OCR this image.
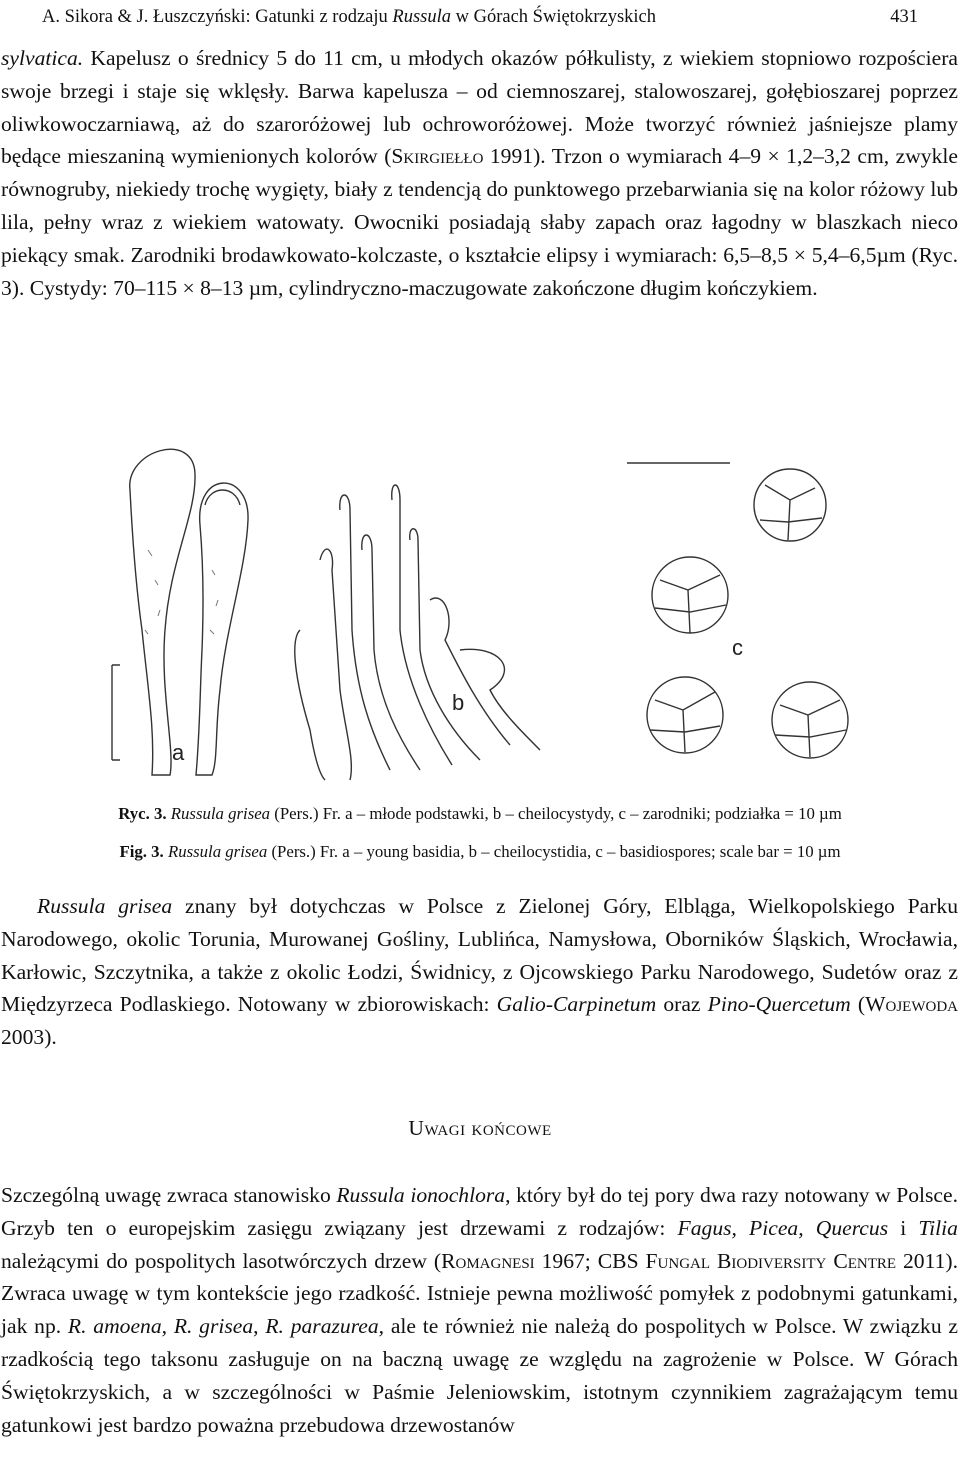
A. Sikora & J. Łuszczyński: Gatunki z rodzaju Russula w Górach Świętokrzyskich	431

sylvatica. Kapelusz o średnicy 5 do 11 cm, u młodych okazów półkulisty, z wiekiem stopniowo rozpościera swoje brzegi i staje się wklęsły. Barwa kapelusza – od ciemnoszarej, stalowoszarej, gołębioszarej poprzez oliwkowoczarniawą, aż do szaroróżowej lub ochroworóżowej. Może tworzyć również jaśniejsze plamy będące mieszaniną wymienionych kolorów (Skirgiełło 1991). Trzon o wymiarach 4–9 × 1,2–3,2 cm, zwykle równogruby, niekiedy trochę wygięty, biały z tendencją do punktowego przebarwiania się na kolor różowy lub lila, pełny wraz z wiekiem watowaty. Owocniki posiadają słaby zapach oraz łagodny w blaszkach nieco piekący smak. Zarodniki brodawkowato-kolczaste, o kształcie elipsy i wymiarach: 6,5–8,5 × 5,4–6,5µm (Ryc. 3). Cystydy: 70–115 × 8–13 µm, cylindryczno-maczugowate zakończone długim kończykiem.

a
b
c
Ryc. 3. Russula grisea (Pers.) Fr. a – młode podstawki, b – cheilocystydy, c – zarodniki; podziałka = 10 µm
Fig. 3. Russula grisea (Pers.) Fr. a – young basidia, b – cheilocystidia, c – basidiospores; scale bar = 10 µm

Russula grisea znany był dotychczas w Polsce z Zielonej Góry, Elbląga, Wielkopolskiego Parku Narodowego, okolic Torunia, Murowanej Gośliny, Lublińca, Namysłowa, Oborników Śląskich, Wrocławia, Karłowic, Szczytnika, a także z okolic Łodzi, Świdnicy, z Ojcowskiego Parku Narodowego, Sudetów oraz z Międzyrzeca Podlaskiego. Notowany w zbiorowiskach: Galio-Carpinetum oraz Pino-Quercetum (Wojewoda 2003).

Uwagi końcowe

Szczególną uwagę zwraca stanowisko Russula ionochlora, który był do tej pory dwa razy notowany w Polsce. Grzyb ten o europejskim zasięgu związany jest drzewami z rodzajów: Fagus, Picea, Quercus i Tilia należącymi do pospolitych lasotwórczych drzew (Romagnesi 1967; CBS Fungal Biodiversity Centre 2011). Zwraca uwagę w tym kontekście jego rzadkość. Istnieje pewna możliwość pomyłek z podobnymi gatunkami, jak np. R. amoena, R. grisea, R. parazurea, ale te również nie należą do pospolitych w Polsce. W związku z rzadkością tego taksonu zasługuje on na baczną uwagę ze względu na zagrożenie w Polsce. W Górach Świętokrzyskich, a w szczególności w Paśmie Jeleniowskim, istotnym czynnikiem zagrażającym temu gatunkowi jest bardzo poważna przebudowa drzewostanów
